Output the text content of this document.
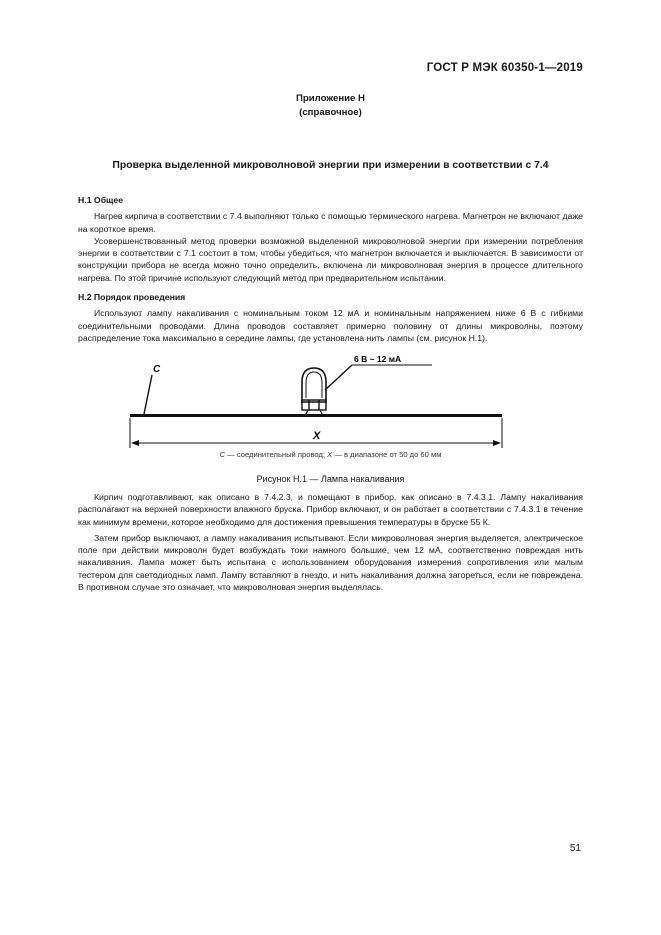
ГОСТ Р МЭК 60350-1—2019
Приложение Н
(справочное)
Проверка выделенной микроволновой энергии при измерении в соответствии с 7.4
Н.1 Общее

Нагрев кирпича в соответствии с 7.4 выполняют только с помощью термического нагрева. Магнетрон не включают даже на короткое время.

Усовершенствованный метод проверки возможной выделенной микроволновой энергии при измерении потребления энергии в соответствии с 7.1 состоит в том, чтобы убедиться, что магнетрон включается и выключается. В зависимости от конструкции прибора не всегда можно точно определить, включена ли микроволновая энергия в процессе длительного нагрева. По этой причине используют следующий метод при предварительном испытании.

Н.2 Порядок проведения

Используют лампу накаливания с номинальным током 12 мА и номинальным напряжением ниже 6 В с гибкими соединительными проводами. Длина проводов составляет примерно половину от длины микроволны, поэтому распределение тока максимально в середине лампы, где установлена нить лампы (см. рисунок Н.1).

C
6 В ~ 12 мА
X
C — соединительный провод; X — в диапазоне от 50 до 60 мм
Рисунок Н.1 — Лампа накаливания

Кирпич подготавливают, как описано в 7.4.2.3, и помещают в прибор, как описано в 7.4.3.1. Лампу накаливания располагают на верхней поверхности влажного бруска. Прибор включают, и он работает в соответствии с 7.4.3.1 в течение как минимум времени, которое необходимо для достижения превышения температуры в бруске 55 К.

Затем прибор выключают, а лампу накаливания испытывают. Если микроволновая энергия выделяется, электрическое поле при действии микроволн будет возбуждать токи намного большие, чем 12 мА, соответственно повреждая нить накаливания. Лампа может быть испытана с использованием оборудования измерения сопротивления или малым тестером для светодиодных ламп. Лампу вставляют в гнездо, и нить накаливания должна загореться, если не повреждена. В противном случае это означает, что микроволновая энергия выделялась.

51
